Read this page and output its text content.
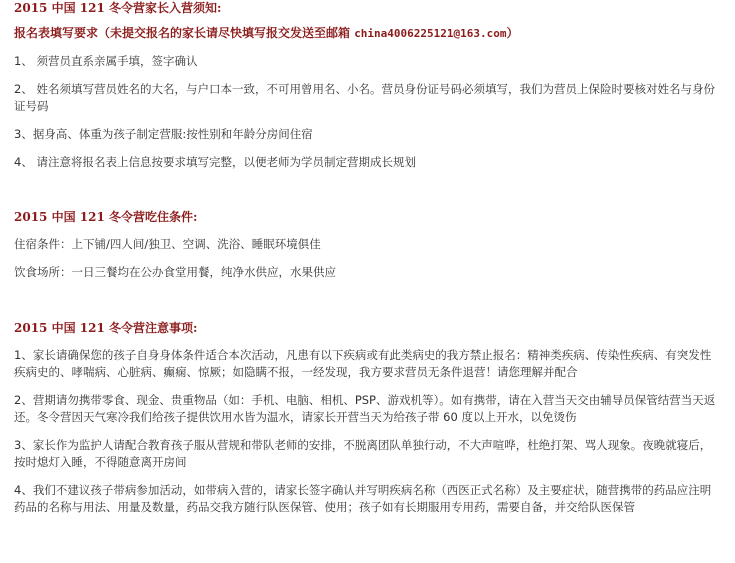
2015 中国 121 冬令营家长入营须知:

报名表填写要求（未提交报名的家长请尽快填写报交发送至邮箱 china4006225121@163.com）

1、 须营员直系亲属手填，签字确认

2、 姓名须填写营员姓名的大名，与户口本一致，不可用曾用名、小名。营员身份证号码必须填写，我们为营员上保险时要核对姓名与身份证号码

3、据身高、体重为孩子制定营服:按性别和年龄分房间住宿

4、 请注意将报名表上信息按要求填写完整，以便老师为学员制定营期成长规划

2015 中国 121 冬令营吃住条件:

住宿条件：上下铺/四人间/独卫、空调、洗浴、睡眠环境俱佳

饮食场所：一日三餐均在公办食堂用餐，纯净水供应，水果供应

2015 中国 121 冬令营注意事项:

1、家长请确保您的孩子自身身体条件适合本次活动，凡患有以下疾病或有此类病史的我方禁止报名：精神类疾病、传染性疾病、有突发性疾病史的、哮喘病、心脏病、癫痫、惊厥；如隐瞒不报，一经发现，我方要求营员无条件退营！请您理解并配合

2、营期请勿携带零食、现金、贵重物品（如：手机、电脑、相机、PSP、游戏机等）。如有携带，请在入营当天交由辅导员保管结营当天返还。冬令营因天气寒冷我们给孩子提供饮用水皆为温水，请家长开营当天为给孩子带 60 度以上开水，以免烫伤

3、家长作为监护人请配合教育孩子服从营规和带队老师的安排，不脱离团队单独行动，不大声喧哗，杜绝打架、骂人现象。夜晚就寝后，按时熄灯入睡，不得随意离开房间

4、我们不建议孩子带病参加活动，如带病入营的，请家长签字确认并写明疾病名称（西医正式名称）及主要症状，随营携带的药品应注明药品的名称与用法、用量及数量，药品交我方随行队医保管、使用；孩子如有长期服用专用药，需要自备，并交给队医保管
